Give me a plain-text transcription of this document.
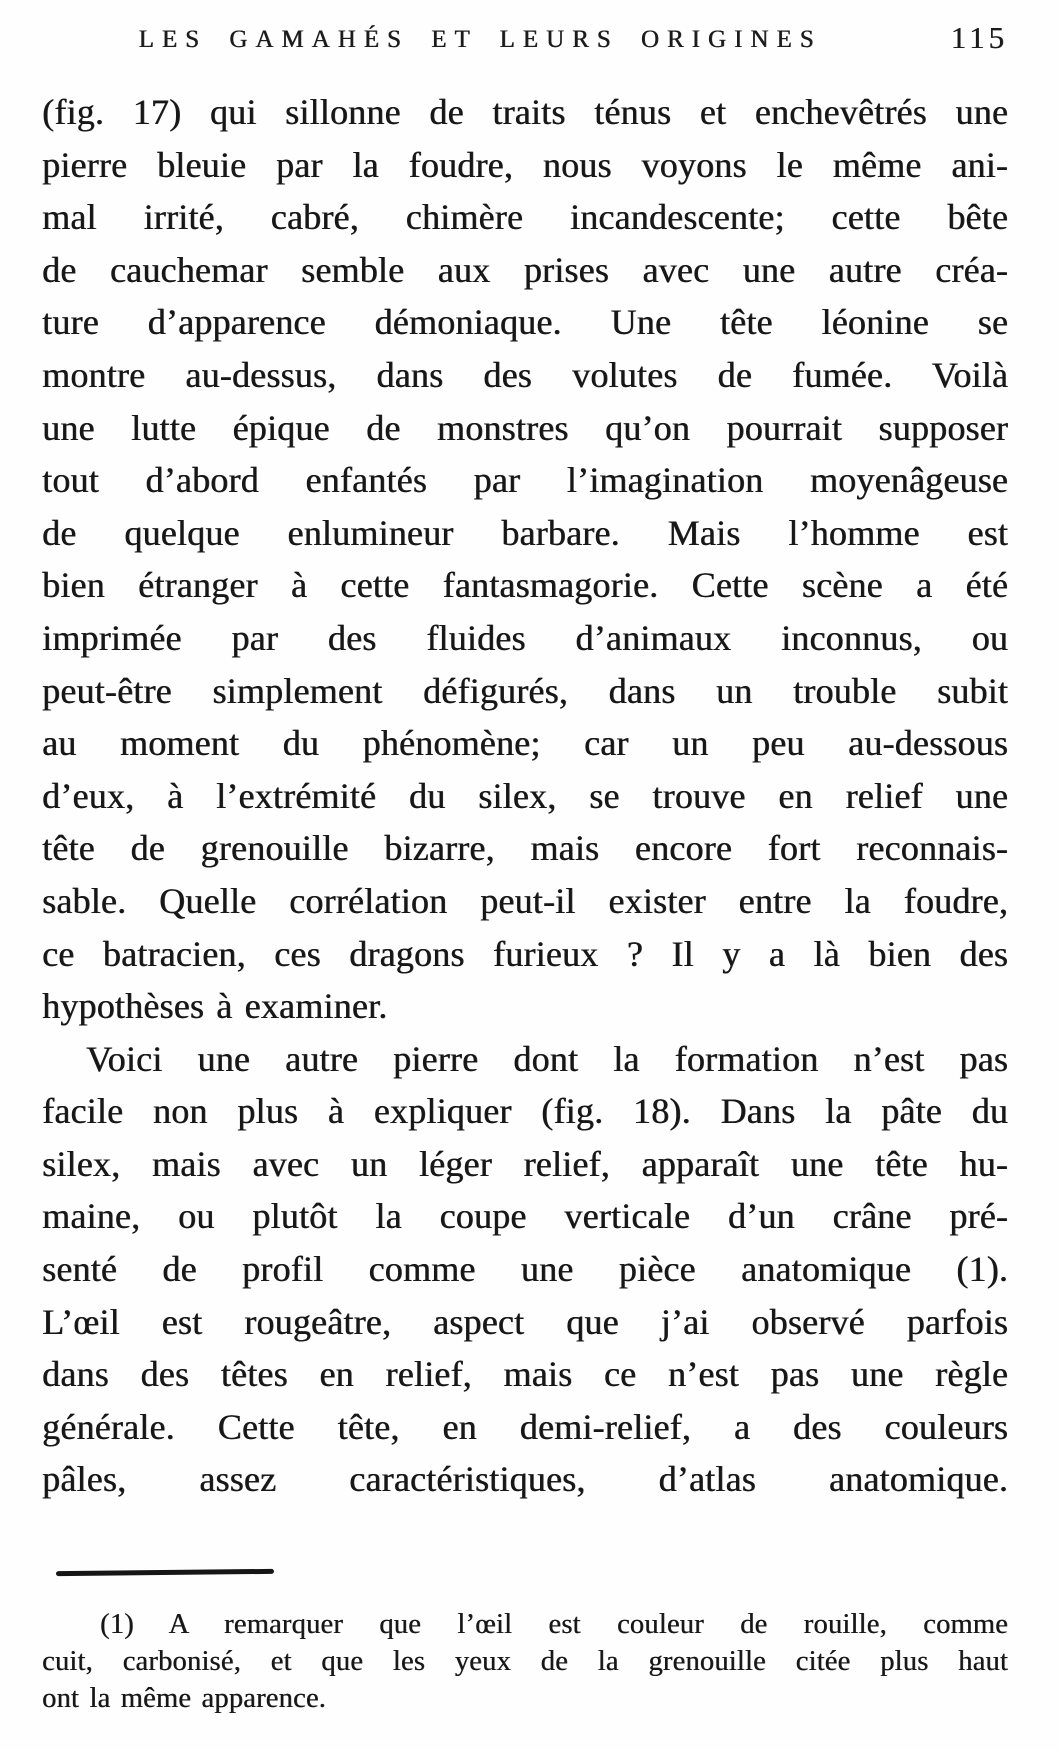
LES GAMAHÉS ET LEURS ORIGINES	115
(fig. 17) qui sillonne de traits ténus et enchevêtrés une
pierre bleuie par la foudre, nous voyons le même ani-
mal irrité, cabré, chimère incandescente; cette bête
de cauchemar semble aux prises avec une autre créa-
ture d’apparence démoniaque. Une tête léonine se
montre au-dessus, dans des volutes de fumée. Voilà
une lutte épique de monstres qu’on pourrait supposer
tout d’abord enfantés par l’imagination moyenâgeuse
de quelque enlumineur barbare. Mais l’homme est
bien étranger à cette fantasmagorie. Cette scène a été
imprimée par des fluides d’animaux inconnus, ou
peut-être simplement défigurés, dans un trouble subit
au moment du phénomène; car un peu au-dessous
d’eux, à l’extrémité du silex, se trouve en relief une
tête de grenouille bizarre, mais encore fort reconnais-
sable. Quelle corrélation peut-il exister entre la foudre,
ce batracien, ces dragons furieux ? Il y a là bien des
hypothèses à examiner.
Voici une autre pierre dont la formation n’est pas
facile non plus à expliquer (fig. 18). Dans la pâte du
silex, mais avec un léger relief, apparaît une tête hu-
maine, ou plutôt la coupe verticale d’un crâne pré-
senté de profil comme une pièce anatomique (1).
L’œil est rougeâtre, aspect que j’ai observé parfois
dans des têtes en relief, mais ce n’est pas une règle
générale. Cette tête, en demi-relief, a des couleurs
pâles, assez caractéristiques, d’atlas anatomique.
(1) A remarquer que l’œil est couleur de rouille, comme
cuit, carbonisé, et que les yeux de la grenouille citée plus haut
ont la même apparence.
